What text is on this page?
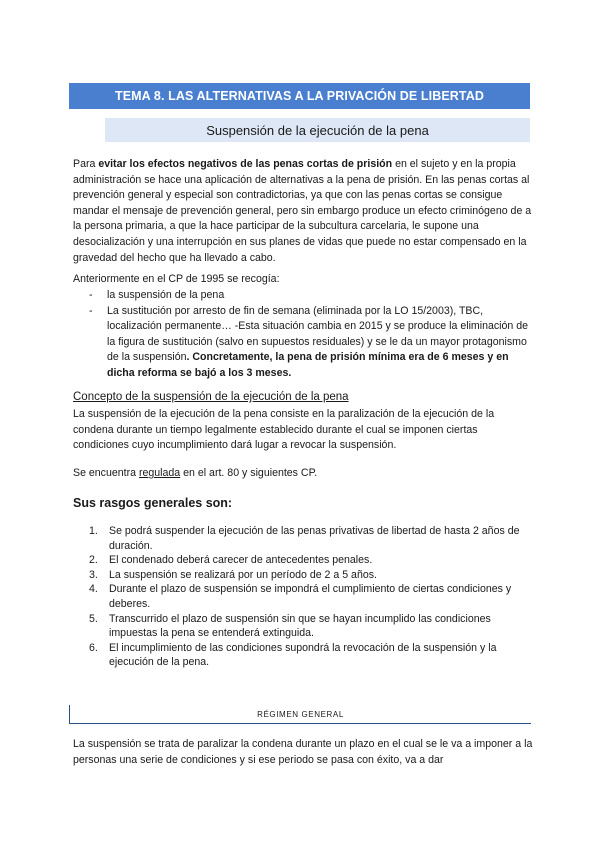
TEMA 8. LAS ALTERNATIVAS A LA PRIVACIÓN DE LIBERTAD
Suspensión de la ejecución de la pena

Para evitar los efectos negativos de las penas cortas de prisión en el sujeto y en la propia administración se hace una aplicación de alternativas a la pena de prisión. En las penas cortas al prevención general y especial son contradictorias, ya que con las penas cortas se consigue mandar el mensaje de prevención general, pero sin embargo produce un efecto criminógeno de a la persona primaria, a que la hace participar de la subcultura carcelaria, le supone una desocialización y una interrupción en sus planes de vidas que puede no estar compensado en la gravedad del hecho que ha llevado a cabo.

Anteriormente en el CP de 1995 se recogía:

- la suspensión de la pena
- La sustitución por arresto de fin de semana (eliminada por la LO 15/2003), TBC, localización permanente… -Esta situación cambia en 2015 y se produce la eliminación de la figura de sustitución (salvo en supuestos residuales) y se le da un mayor protagonismo de la suspensión. Concretamente, la pena de prisión mínima era de 6 meses y en dicha reforma se bajó a los 3 meses.
Concepto de la suspensión de la ejecución de la pena

La suspensión de la ejecución de la pena consiste en la paralización de la ejecución de la condena durante un tiempo legalmente establecido durante el cual se imponen ciertas condiciones cuyo incumplimiento dará lugar a revocar la suspensión.

Se encuentra regulada en el art. 80 y siguientes CP.

Sus rasgos generales son:
1. Se podrá suspender la ejecución de las penas privativas de libertad de hasta 2 años de duración.
2. El condenado deberá carecer de antecedentes penales.
3. La suspensión se realizará por un período de 2 a 5 años.
4. Durante el plazo de suspensión se impondrá el cumplimiento de ciertas condiciones y deberes.
5. Transcurrido el plazo de suspensión sin que se hayan incumplido las condiciones impuestas la pena se entenderá extinguida.
6. El incumplimiento de las condiciones supondrá la revocación de la suspensión y la ejecución de la pena.
RÉGIMEN GENERAL

La suspensión se trata de paralizar la condena durante un plazo en el cual se le va a imponer a la personas una serie de condiciones y si ese periodo se pasa con éxito, va a dar
